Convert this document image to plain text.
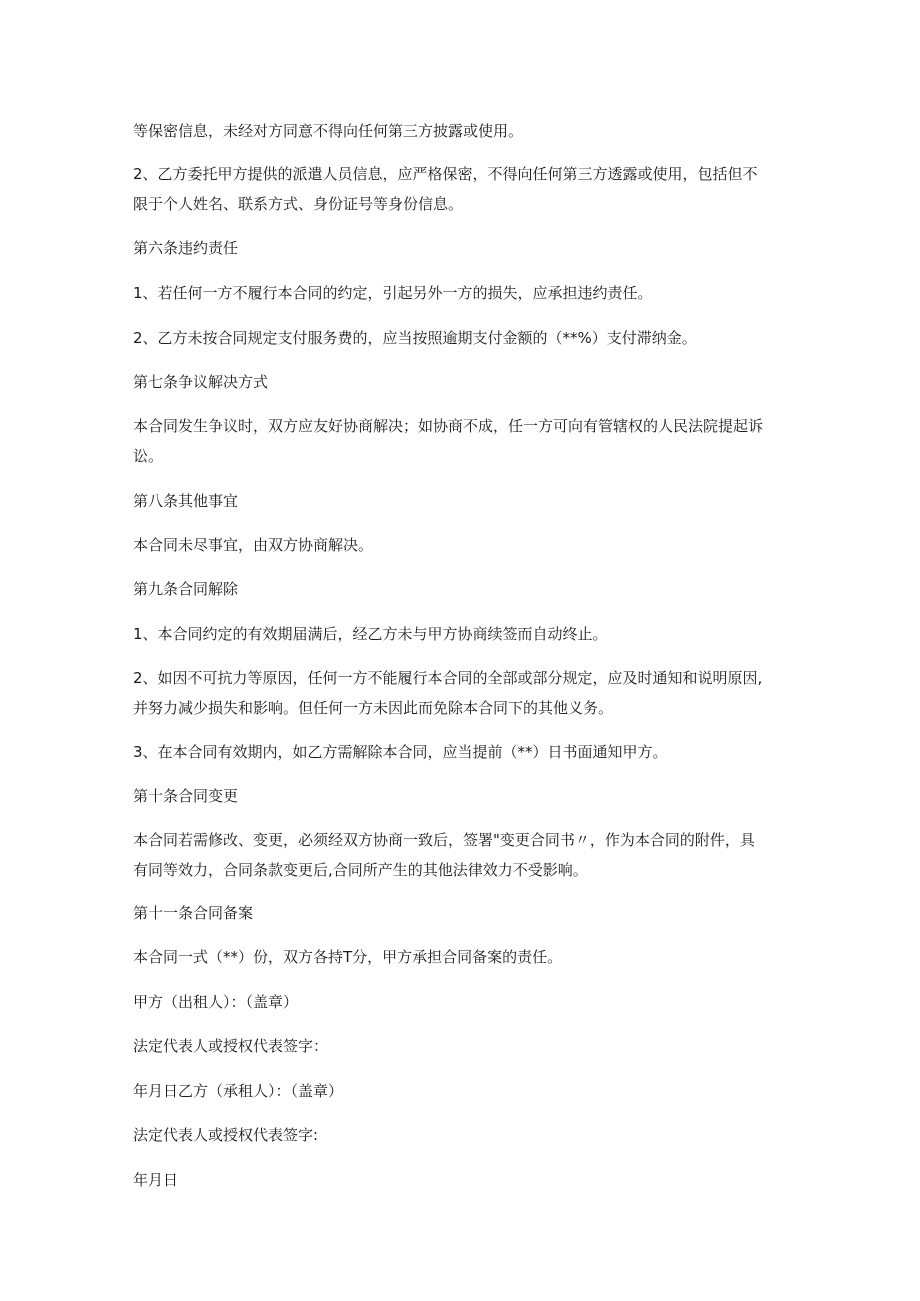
等保密信息，未经对方同意不得向任何第三方披露或使用。

2、乙方委托甲方提供的派遣人员信息，应严格保密，不得向任何第三方透露或使用，包括但不
限于个人姓名、联系方式、身份证号等身份信息。

第六条违约责任

1、若任何一方不履行本合同的约定，引起另外一方的损失，应承担违约责任。

2、乙方未按合同规定支付服务费的，应当按照逾期支付金额的（**%）支付滞纳金。

第七条争议解决方式

本合同发生争议时，双方应友好协商解决；如协商不成，任一方可向有管辖权的人民法院提起诉
讼。

第八条其他事宜

本合同未尽事宜，由双方协商解决。

第九条合同解除

1、本合同约定的有效期届满后，经乙方未与甲方协商续签而自动终止。

2、如因不可抗力等原因，任何一方不能履行本合同的全部或部分规定，应及时通知和说明原因,
并努力减少损失和影响。但任何一方未因此而免除本合同下的其他义务。

3、在本合同有效期内，如乙方需解除本合同，应当提前（**）日书面通知甲方。

第十条合同变更

本合同若需修改、变更，必须经双方协商一致后，签署"变更合同书〃，作为本合同的附件，具
有同等效力，合同条款变更后,合同所产生的其他法律效力不受影响。

第十一条合同备案

本合同一式（**）份，双方各持T分，甲方承担合同备案的责任。

甲方（出租人）：（盖章）

法定代表人或授权代表签字：

年月日乙方（承租人）：（盖章）

法定代表人或授权代表签字:

年月日
